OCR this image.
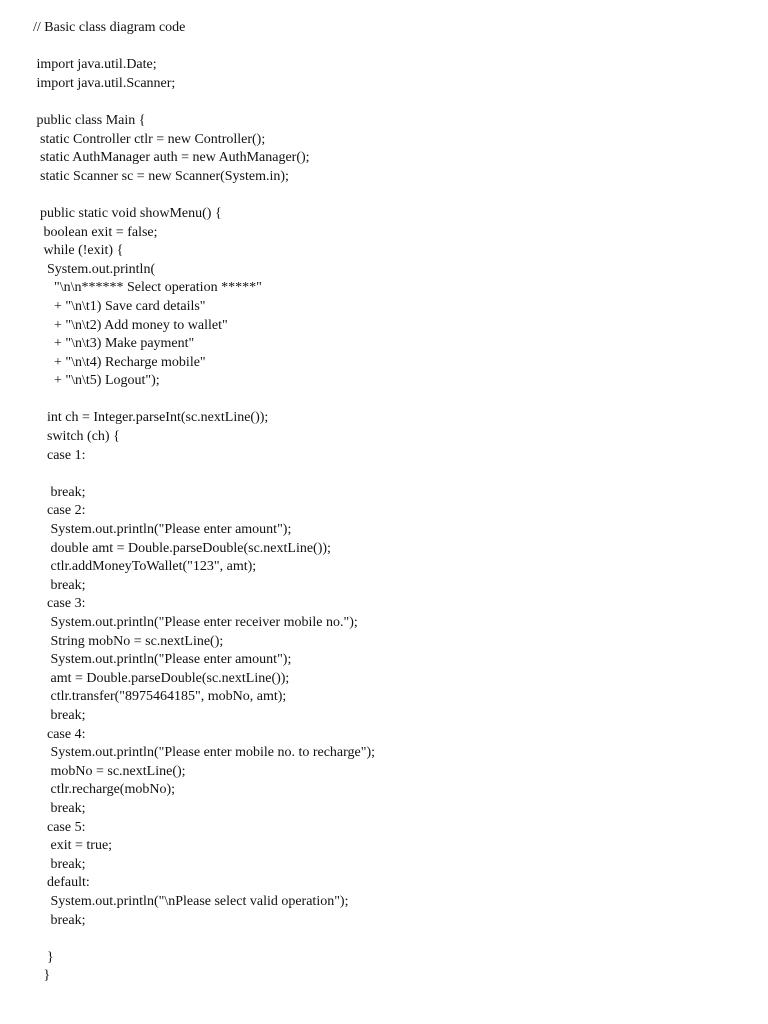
// Basic class diagram code
import java.util.Date;
import java.util.Scanner;
public class Main {
static Controller ctlr = new Controller();
static AuthManager auth = new AuthManager();
static Scanner sc = new Scanner(System.in);
public static void showMenu() {
boolean exit = false;
while (!exit) {
System.out.println(
"\n\n****** Select operation *****"
+ "\n\t1) Save card details"
+ "\n\t2) Add money to wallet"
+ "\n\t3) Make payment"
+ "\n\t4) Recharge mobile"
+ "\n\t5) Logout");
int ch = Integer.parseInt(sc.nextLine());
switch (ch) {
case 1:
break;
case 2:
System.out.println("Please enter amount");
double amt = Double.parseDouble(sc.nextLine());
ctlr.addMoneyToWallet("123", amt);
break;
case 3:
System.out.println("Please enter receiver mobile no.");
String mobNo = sc.nextLine();
System.out.println("Please enter amount");
amt = Double.parseDouble(sc.nextLine());
ctlr.transfer("8975464185", mobNo, amt);
break;
case 4:
System.out.println("Please enter mobile no. to recharge");
mobNo = sc.nextLine();
ctlr.recharge(mobNo);
break;
case 5:
exit = true;
break;
default:
System.out.println("\nPlease select valid operation");
break;
}
}
